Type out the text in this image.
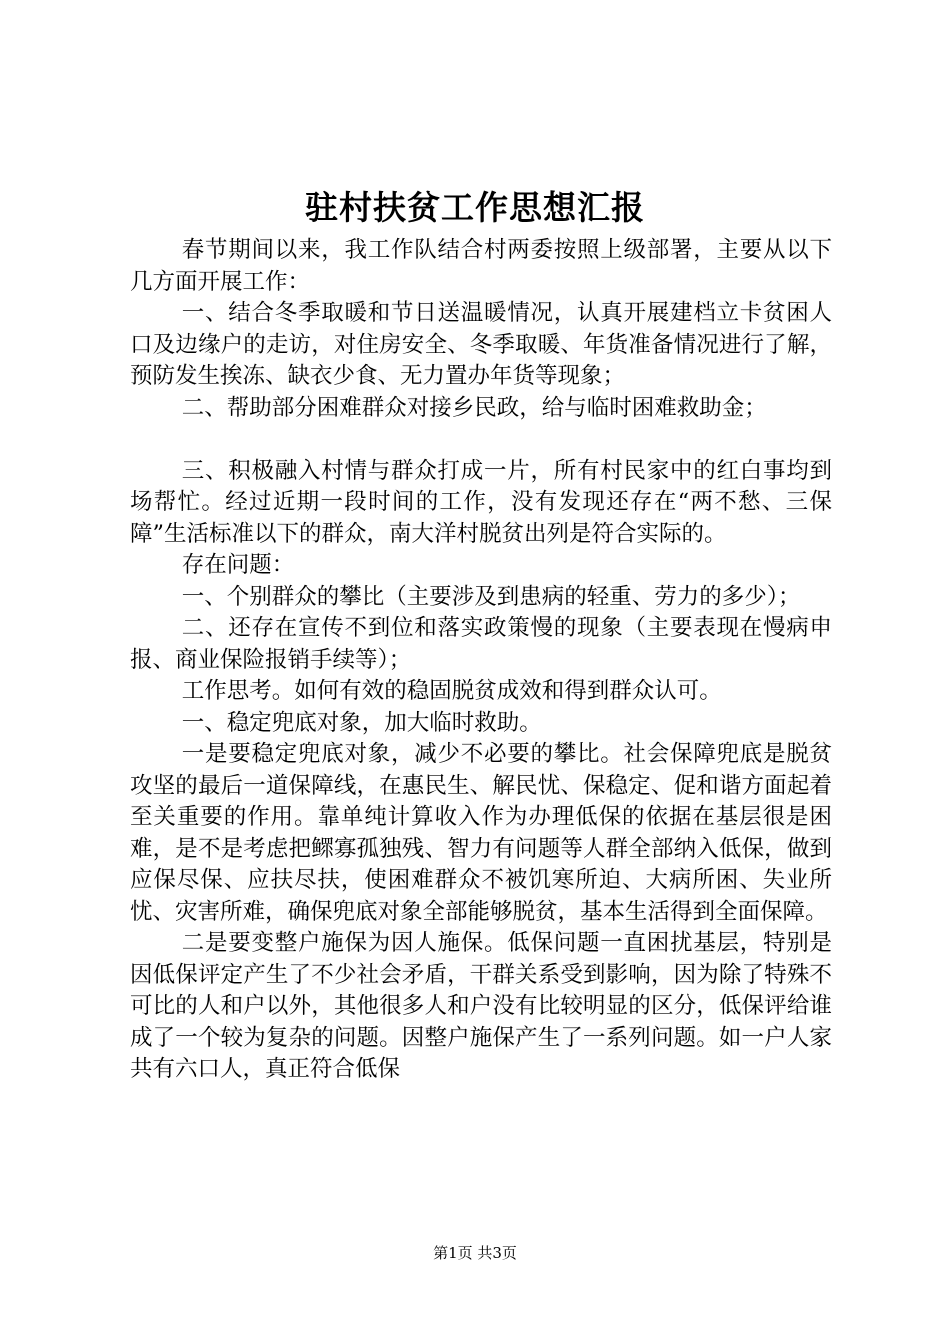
驻村扶贫工作思想汇报

春节期间以来，我工作队结合村两委按照上级部署，主要从以下几方面开展工作：

一、结合冬季取暖和节日送温暖情况，认真开展建档立卡贫困人口及边缘户的走访，对住房安全、冬季取暖、年货准备情况进行了解，预防发生挨冻、缺衣少食、无力置办年货等现象；

二、帮助部分困难群众对接乡民政，给与临时困难救助金；

三、积极融入村情与群众打成一片，所有村民家中的红白事均到场帮忙。经过近期一段时间的工作，没有发现还存在“两不愁、三保障”生活标准以下的群众，南大洋村脱贫出列是符合实际的。

存在问题：

一、个别群众的攀比（主要涉及到患病的轻重、劳力的多少）；

二、还存在宣传不到位和落实政策慢的现象（主要表现在慢病申报、商业保险报销手续等）；

工作思考。如何有效的稳固脱贫成效和得到群众认可。

一、稳定兜底对象，加大临时救助。

一是要稳定兜底对象，减少不必要的攀比。社会保障兜底是脱贫攻坚的最后一道保障线，在惠民生、解民忧、保稳定、促和谐方面起着至关重要的作用。靠单纯计算收入作为办理低保的依据在基层很是困难，是不是考虑把鳏寡孤独残、智力有问题等人群全部纳入低保，做到应保尽保、应扶尽扶，使困难群众不被饥寒所迫、大病所困、失业所忧、灾害所难，确保兜底对象全部能够脱贫，基本生活得到全面保障。

二是要变整户施保为因人施保。低保问题一直困扰基层，特别是因低保评定产生了不少社会矛盾，干群关系受到影响，因为除了特殊不可比的人和户以外，其他很多人和户没有比较明显的区分，低保评给谁成了一个较为复杂的问题。因整户施保产生了一系列问题。如一户人家共有六口人，真正符合低保

第1页 共3页
